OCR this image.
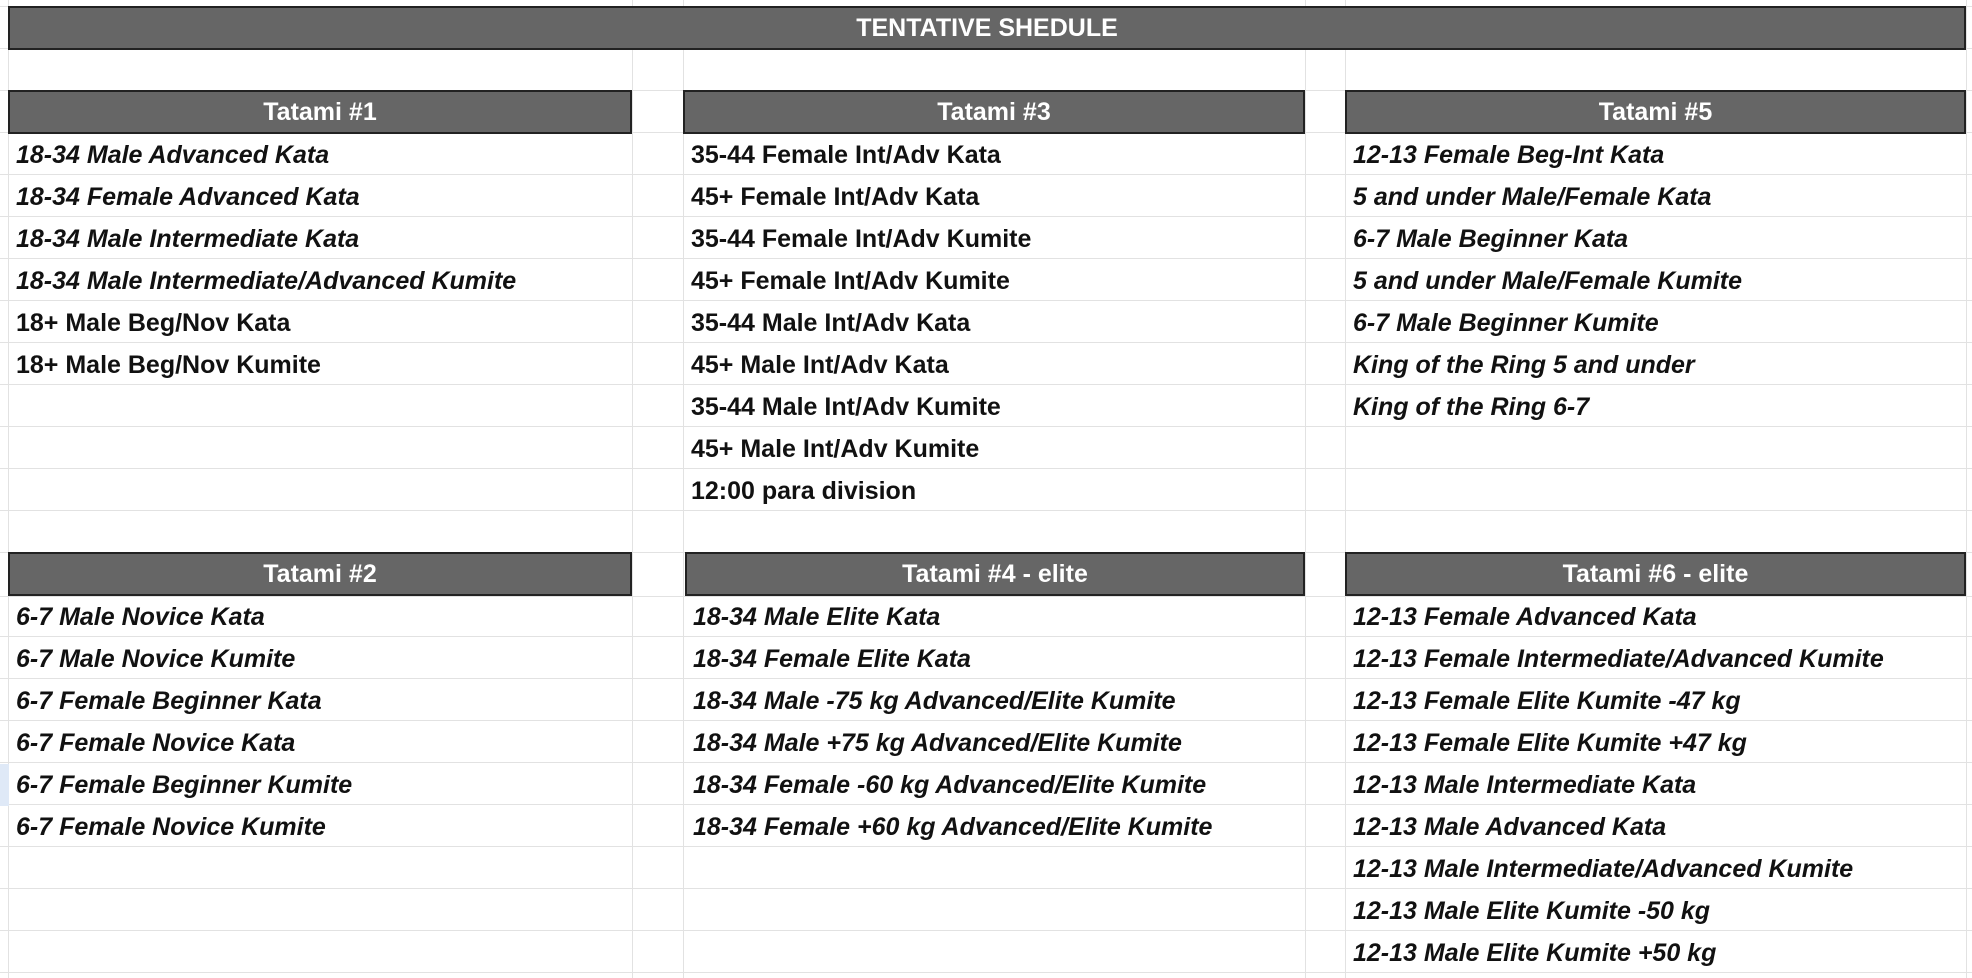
TENTATIVE SHEDULE
Tatami #1
18-34 Male Advanced Kata
18-34 Female Advanced Kata
18-34 Male Intermediate Kata
18-34 Male Intermediate/Advanced Kumite
18+ Male Beg/Nov Kata
18+ Male Beg/Nov Kumite
Tatami #3
35-44 Female Int/Adv Kata
45+ Female Int/Adv Kata
35-44 Female Int/Adv Kumite
45+ Female Int/Adv Kumite
35-44 Male Int/Adv Kata
45+ Male Int/Adv Kata
35-44 Male Int/Adv Kumite
45+ Male Int/Adv Kumite
12:00 para division
Tatami #5
12-13 Female Beg-Int Kata
5 and under Male/Female Kata
6-7 Male Beginner Kata
5 and under Male/Female Kumite
6-7 Male Beginner Kumite
King of the Ring 5 and under
King of the Ring 6-7
Tatami #2
6-7 Male Novice Kata
6-7 Male Novice Kumite
6-7 Female Beginner Kata
6-7 Female Novice Kata
6-7 Female Beginner Kumite
6-7 Female Novice Kumite
Tatami #4 - elite
18-34 Male Elite Kata
18-34 Female Elite Kata
18-34 Male -75 kg Advanced/Elite Kumite
18-34 Male +75 kg Advanced/Elite Kumite
18-34 Female -60 kg Advanced/Elite Kumite
18-34 Female +60 kg Advanced/Elite Kumite
Tatami #6 - elite
12-13 Female Advanced Kata
12-13 Female Intermediate/Advanced Kumite
12-13 Female Elite Kumite -47 kg
12-13 Female Elite Kumite +47 kg
12-13 Male Intermediate Kata
12-13 Male Advanced Kata
12-13 Male Intermediate/Advanced Kumite
12-13 Male Elite Kumite -50 kg
12-13 Male Elite Kumite +50 kg
